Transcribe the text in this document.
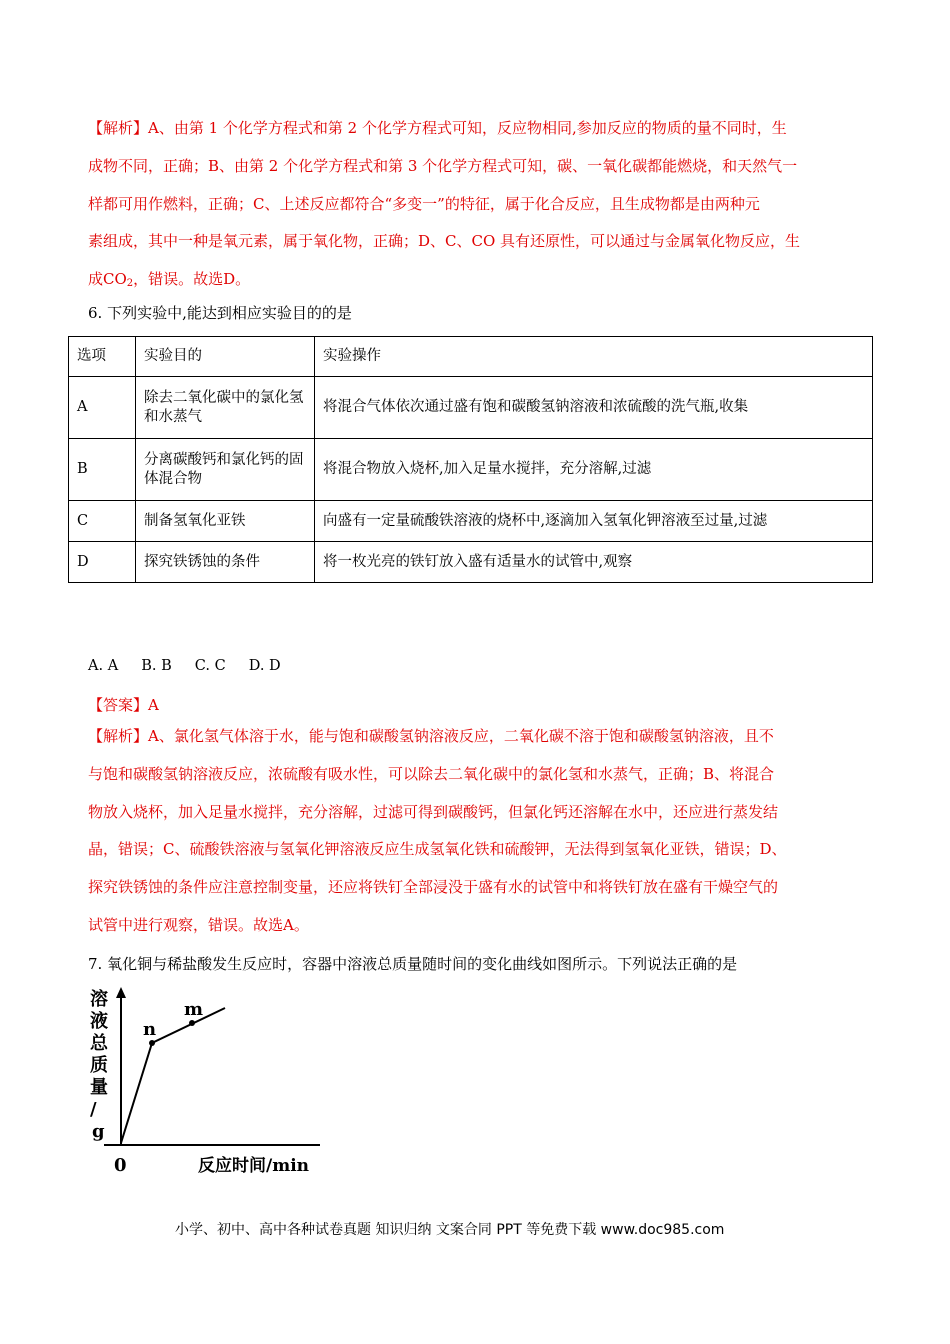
【解析】A、由第 1 个化学方程式和第 2 个化学方程式可知，反应物相同,参加反应的物质的量不同时，生
成物不同，正确；B、由第 2 个化学方程式和第 3 个化学方程式可知，碳、一氧化碳都能燃烧，和天然气一
样都可用作燃料，正确；C、上述反应都符合“多变一”的特征，属于化合反应，且生成物都是由两种元
素组成，其中一种是氧元素，属于氧化物，正确；D、C、CO 具有还原性，可以通过与金属氧化物反应，生
成$CO_2$，错误。故选D。
6. 下列实验中,能达到相应实验目的的是
选项	实验目的	实验操作
A	除去二氧化碳中的氯化氢和水蒸气	将混合气体依次通过盛有饱和碳酸氢钠溶液和浓硫酸的洗气瓶,收集
B	分离碳酸钙和氯化钙的固体混合物	将混合物放入烧杯,加入足量水搅拌，充分溶解,过滤
C	制备氢氧化亚铁	向盛有一定量硫酸铁溶液的烧杯中,逐滴加入氢氧化钾溶液至过量,过滤
D	探究铁锈蚀的条件	将一枚光亮的铁钉放入盛有适量水的试管中,观察
A. A     B. B     C. C     D. D
【答案】A
【解析】A、氯化氢气体溶于水，能与饱和碳酸氢钠溶液反应，二氧化碳不溶于饱和碳酸氢钠溶液，且不
与饱和碳酸氢钠溶液反应，浓硫酸有吸水性，可以除去二氧化碳中的氯化氢和水蒸气，正确；B、将混合
物放入烧杯，加入足量水搅拌，充分溶解，过滤可得到碳酸钙，但氯化钙还溶解在水中，还应进行蒸发结
晶，错误；C、硫酸铁溶液与氢氧化钾溶液反应生成氢氧化铁和硫酸钾，无法得到氢氧化亚铁，错误；D、
探究铁锈蚀的条件应注意控制变量，还应将铁钉全部浸没于盛有水的试管中和将铁钉放在盛有干燥空气的
试管中进行观察，错误。故选A。
7. 氧化铜与稀盐酸发生反应时，容器中溶液总质量随时间的变化曲线如图所示。下列说法正确的是
溶 液 总 质 量 / g
n
m
0	反应时间/min
小学、初中、高中各种试卷真题 知识归纳 文案合同 PPT 等免费下载 www.doc985.com
